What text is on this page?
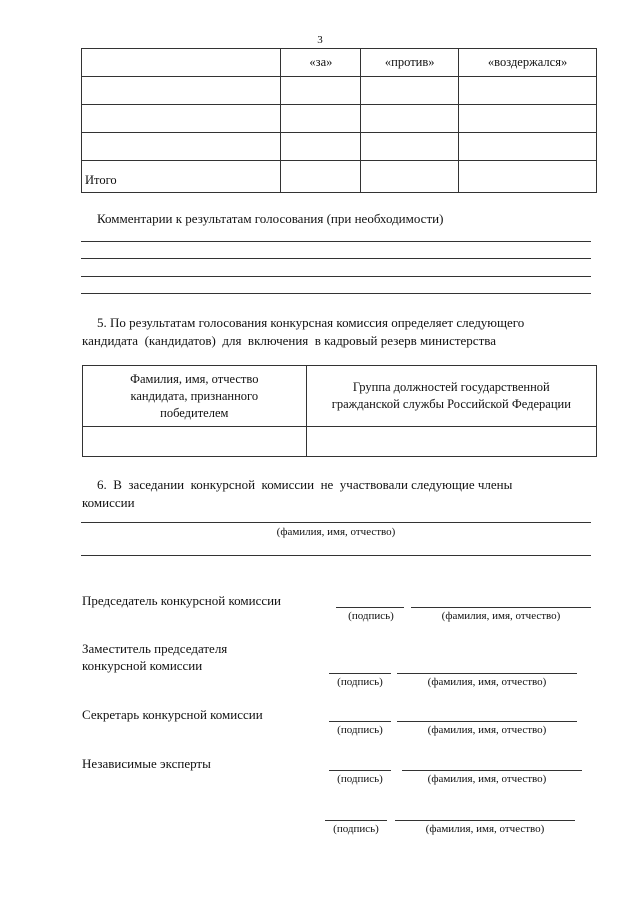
3
	«за»	«против»	«воздержался»

Итого			
Комментарии к результатам голосования (при необходимости)
5. По результатам голосования конкурсная комиссия определяет следующего
кандидата  (кандидатов)  для  включения  в кадровый резерв министерства
Фамилия, имя, отчество кандидата, признанного победителем	Группа должностей государственной гражданской службы Российской Федерации

6.  В  заседании  конкурсной  комиссии  не  участвовали следующие члены
комиссии
(фамилия, имя, отчество)
Председатель конкурсной комиссии
(подпись)	(фамилия, имя, отчество)
Заместитель председателя
конкурсной комиссии
(подпись)	(фамилия, имя, отчество)
Секретарь конкурсной комиссии
(подпись)	(фамилия, имя, отчество)
Независимые эксперты
(подпись)	(фамилия, имя, отчество)
(подпись)	(фамилия, имя, отчество)
